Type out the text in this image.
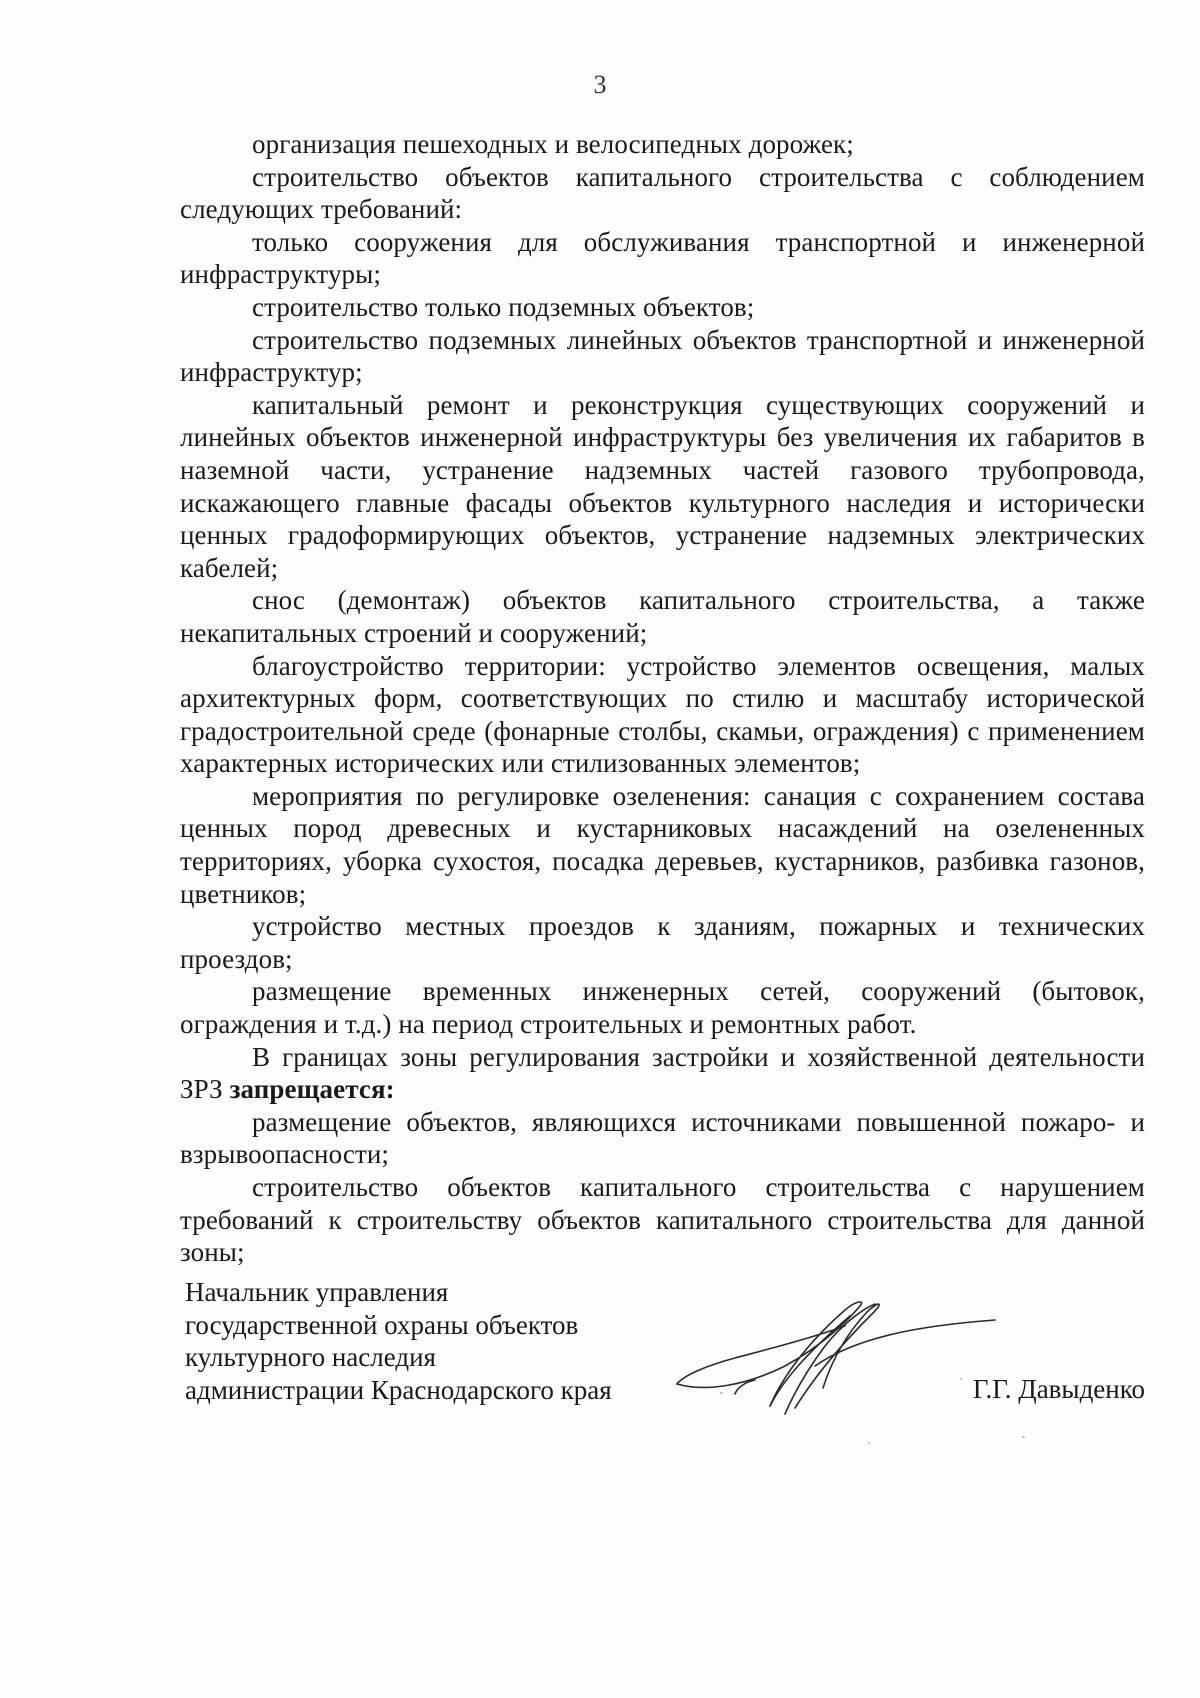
3

организация пешеходных и велосипедных дорожек;

строительство объектов капитального строительства с соблюдением следующих требований:

только сооружения для обслуживания транспортной и инженерной инфраструктуры;

строительство только подземных объектов;

строительство подземных линейных объектов транспортной и инженерной инфраструктур;

капитальный ремонт и реконструкция существующих сооружений и линейных объектов инженерной инфраструктуры без увеличения их габаритов в наземной части, устранение надземных частей газового трубопровода, искажающего главные фасады объектов культурного наследия и исторически ценных градоформирующих объектов, устранение надземных электрических кабелей;

снос (демонтаж) объектов капитального строительства, а также некапитальных строений и сооружений;

благоустройство территории: устройство элементов освещения, малых архитектурных форм, соответствующих по стилю и масштабу исторической градостроительной среде (фонарные столбы, скамьи, ограждения) с применением характерных исторических или стилизованных элементов;

мероприятия по регулировке озеленения: санация с сохранением состава ценных пород древесных и кустарниковых насаждений на озелененных территориях, уборка сухостоя, посадка деревьев, кустарников, разбивка газонов, цветников;

устройство местных проездов к зданиям, пожарных и технических проездов;

размещение временных инженерных сетей, сооружений (бытовок, ограждения и т.д.) на период строительных и ремонтных работ.

В границах зоны регулирования застройки и хозяйственной деятельности ЗРЗ запрещается:

размещение объектов, являющихся источниками повышенной пожаро- и взрывоопасности;

строительство объектов капитального строительства с нарушением требований к строительству объектов капитального строительства для данной зоны;

Начальник управления
государственной охраны объектов
культурного наследия
администрации Краснодарского края	Г.Г. Давыденко
